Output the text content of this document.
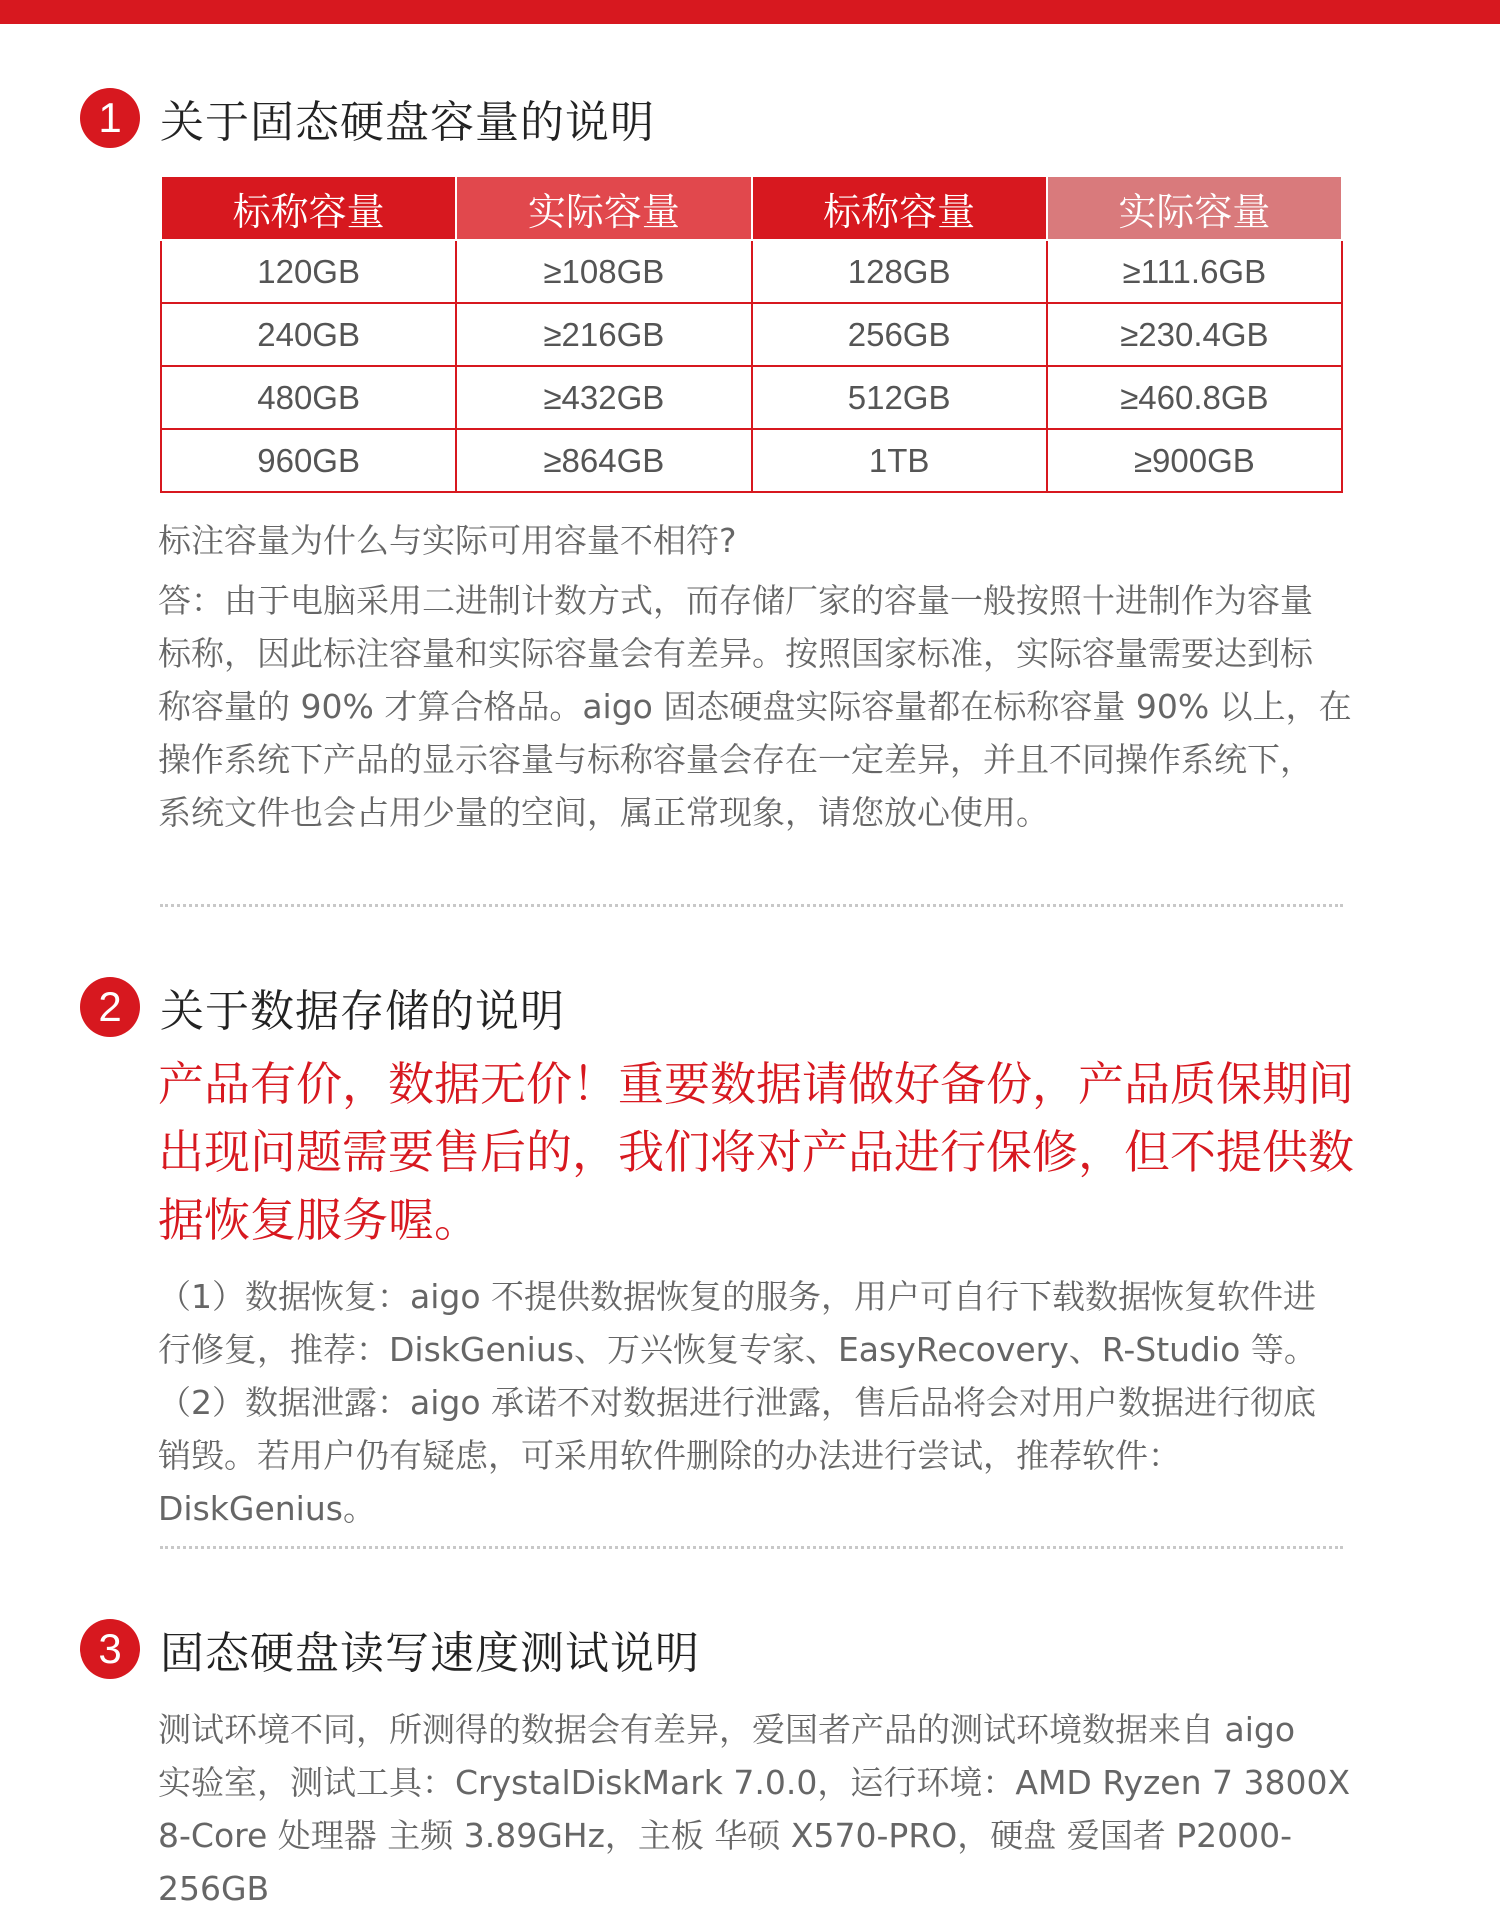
1 关于固态硬盘容量的说明
标称容量	实际容量	标称容量	实际容量
120GB	≥108GB	128GB	≥111.6GB
240GB	≥216GB	256GB	≥230.4GB
480GB	≥432GB	512GB	≥460.8GB
960GB	≥864GB	1TB	≥900GB

标注容量为什么与实际可用容量不相符?

答：由于电脑采用二进制计数方式，而存储厂家的容量一般按照十进制作为容量

标称，因此标注容量和实际容量会有差异。按照国家标准，实际容量需要达到标

称容量的 90% 才算合格品。aigo 固态硬盘实际容量都在标称容量 90% 以上，在

操作系统下产品的显示容量与标称容量会存在一定差异，并且不同操作系统下，

系统文件也会占用少量的空间，属正常现象，请您放心使用。

2 关于数据存储的说明
产品有价，数据无价！重要数据请做好备份，产品质保期间
出现问题需要售后的，我们将对产品进行保修，但不提供数
据恢复服务喔。

（1）数据恢复：aigo 不提供数据恢复的服务，用户可自行下载数据恢复软件进

行修复，推荐：DiskGenius、万兴恢复专家、EasyRecovery、R-Studio 等。

（2）数据泄露：aigo 承诺不对数据进行泄露，售后品将会对用户数据进行彻底

销毁。若用户仍有疑虑，可采用软件删除的办法进行尝试，推荐软件：DiskGenius。

3 固态硬盘读写速度测试说明

测试环境不同，所测得的数据会有差异，爱国者产品的测试环境数据来自 aigo

实验室，测试工具：CrystalDiskMark 7.0.0，运行环境：AMD Ryzen 7 3800X

8-Core 处理器 主频 3.89GHz，主板 华硕 X570-PRO，硬盘 爱国者 P2000-256GB
